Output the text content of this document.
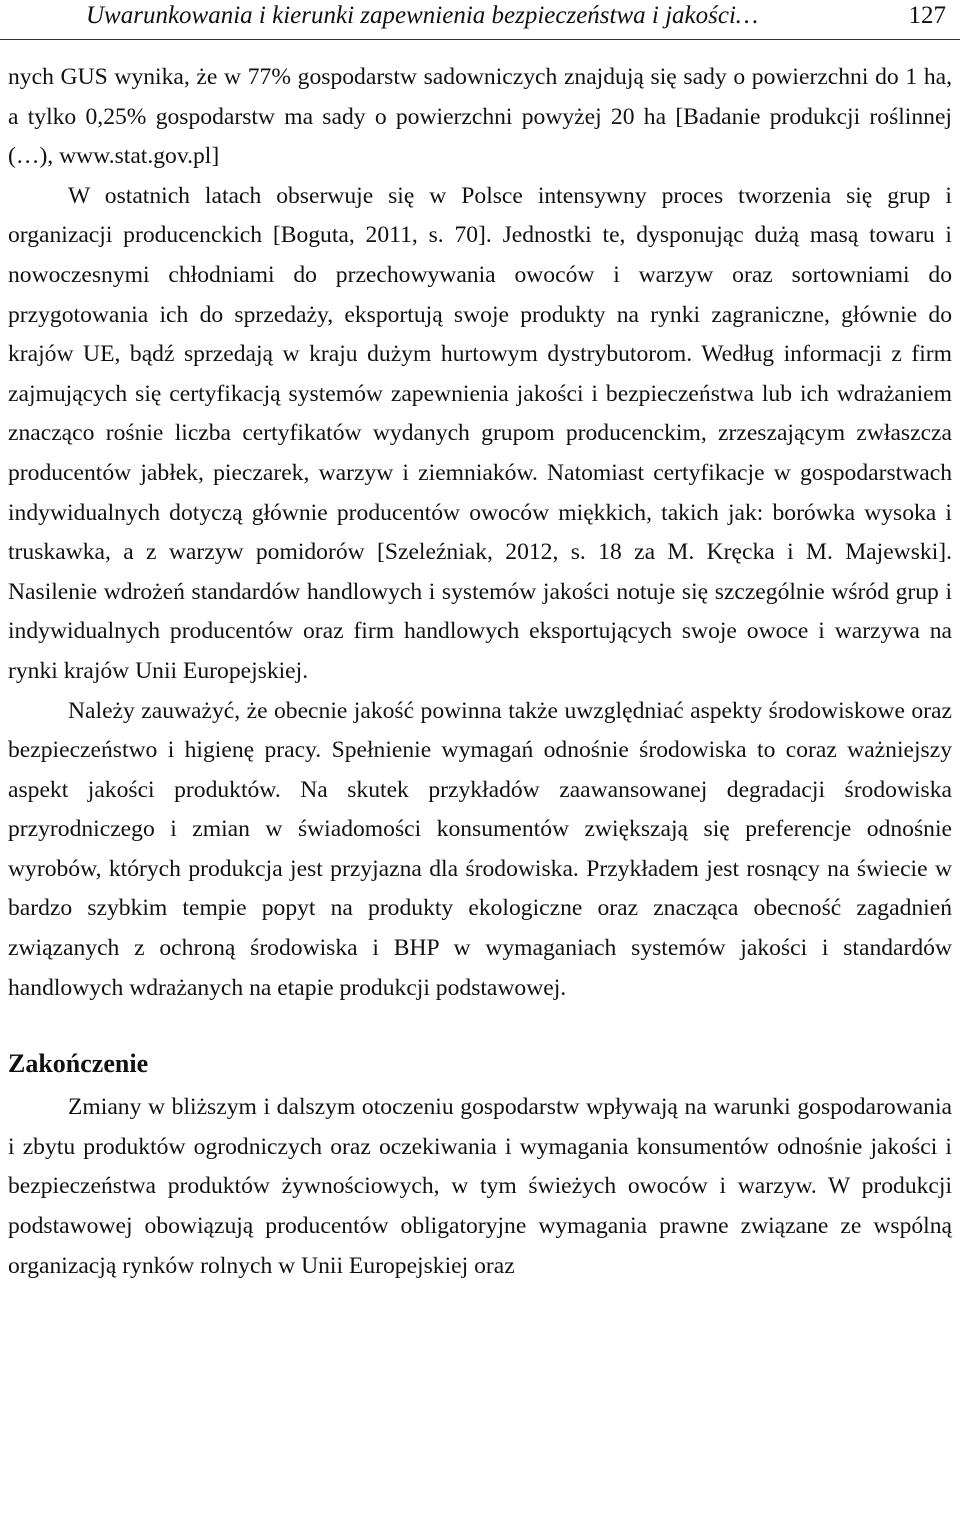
Uwarunkowania i kierunki zapewnienia bezpieczeństwa i jakości…	127

nych GUS wynika, że w 77% gospodarstw sadowniczych znajdują się sady o powierzchni do 1 ha, a tylko 0,25% gospodarstw ma sady o powierzchni powyżej 20 ha [Badanie produkcji roślinnej (…), www.stat.gov.pl]

W ostatnich latach obserwuje się w Polsce intensywny proces tworzenia się grup i organizacji producenckich [Boguta, 2011, s. 70]. Jednostki te, dysponując dużą masą towaru i nowoczesnymi chłodniami do przechowywania owoców i warzyw oraz sortowniami do przygotowania ich do sprzedaży, eksportują swoje produkty na rynki zagraniczne, głównie do krajów UE, bądź sprzedają w kraju dużym hurtowym dystrybutorom. Według informacji z firm zajmujących się certyfikacją systemów zapewnienia jakości i bezpieczeństwa lub ich wdrażaniem znacząco rośnie liczba certyfikatów wydanych grupom producenckim, zrzeszającym zwłaszcza producentów jabłek, pieczarek, warzyw i ziemniaków. Natomiast certyfikacje w gospodarstwach indywidualnych dotyczą głównie producentów owoców miękkich, takich jak: borówka wysoka i truskawka, a z warzyw pomidorów [Szeleźniak, 2012, s. 18 za M. Kręcka i M. Majewski]. Nasilenie wdrożeń standardów handlowych i systemów jakości notuje się szczególnie wśród grup i indywidualnych producentów oraz firm handlowych eksportujących swoje owoce i warzywa na rynki krajów Unii Europejskiej.

Należy zauważyć, że obecnie jakość powinna także uwzględniać aspekty środowiskowe oraz bezpieczeństwo i higienę pracy. Spełnienie wymagań odnośnie środowiska to coraz ważniejszy aspekt jakości produktów. Na skutek przykładów zaawansowanej degradacji środowiska przyrodniczego i zmian w świadomości konsumentów zwiększają się preferencje odnośnie wyrobów, których produkcja jest przyjazna dla środowiska. Przykładem jest rosnący na świecie w bardzo szybkim tempie popyt na produkty ekologiczne oraz znacząca obecność zagadnień związanych z ochroną środowiska i BHP w wymaganiach systemów jakości i standardów handlowych wdrażanych na etapie produkcji podstawowej.

Zakończenie

Zmiany w bliższym i dalszym otoczeniu gospodarstw wpływają na warunki gospodarowania i zbytu produktów ogrodniczych oraz oczekiwania i wymagania konsumentów odnośnie jakości i bezpieczeństwa produktów żywnościowych, w tym świeżych owoców i warzyw. W produkcji podstawowej obowiązują producentów obligatoryjne wymagania prawne związane ze wspólną organizacją rynków rolnych w Unii Europejskiej oraz
